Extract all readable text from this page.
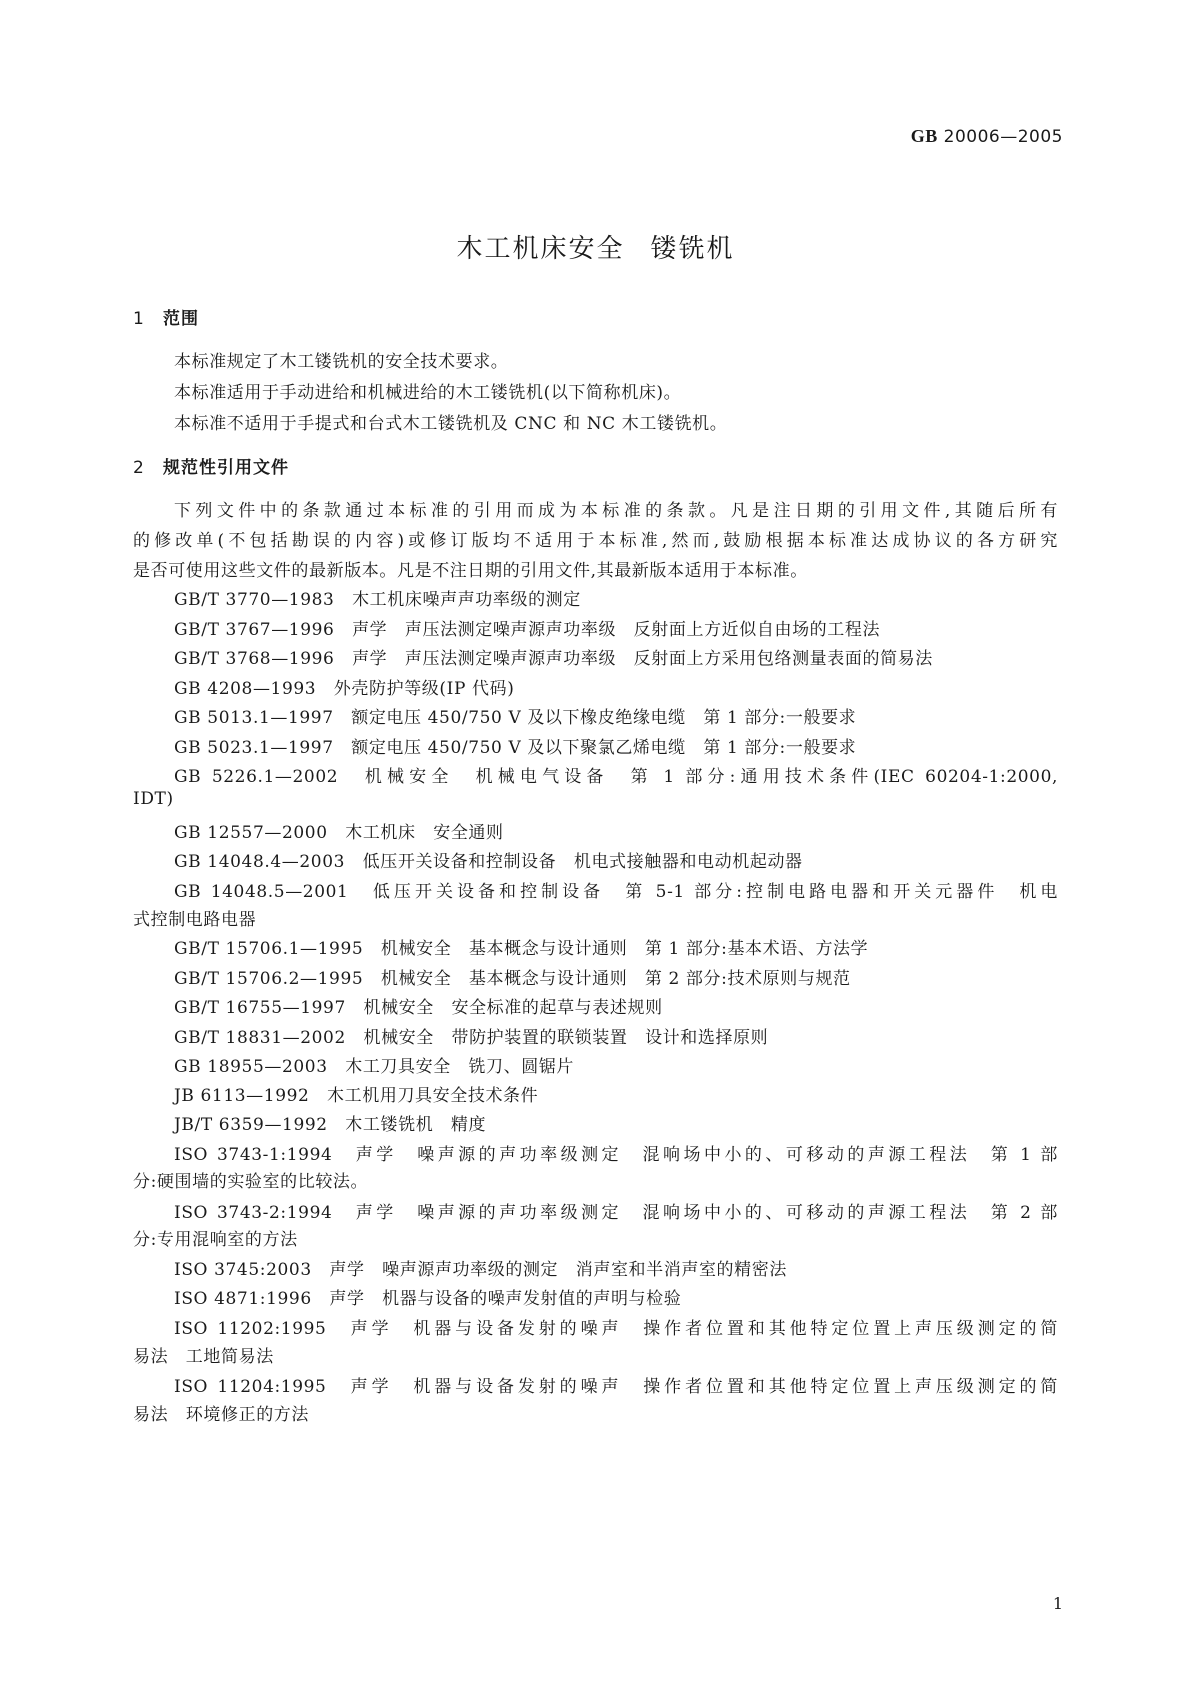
GB 20006—2005
木工机床安全 镂铣机
1 范围
本标准规定了木工镂铣机的安全技术要求。
本标准适用于手动进给和机械进给的木工镂铣机(以下简称机床)。
本标准不适用于手提式和台式木工镂铣机及 CNC 和 NC 木工镂铣机。
2 规范性引用文件
下列文件中的条款通过本标准的引用而成为本标准的条款。凡是注日期的引用文件,其随后所有
的修改单(不包括勘误的内容)或修订版均不适用于本标准,然而,鼓励根据本标准达成协议的各方研究
是否可使用这些文件的最新版本。凡是不注日期的引用文件,其最新版本适用于本标准。
GB/T 3770—1983　木工机床噪声声功率级的测定
GB/T 3767—1996　声学　声压法测定噪声源声功率级　反射面上方近似自由场的工程法
GB/T 3768—1996　声学　声压法测定噪声源声功率级　反射面上方采用包络测量表面的简易法
GB 4208—1993　外壳防护等级(IP 代码)
GB 5013.1—1997　额定电压 450/750 V 及以下橡皮绝缘电缆　第 1 部分:一般要求
GB 5023.1—1997　额定电压 450/750 V 及以下聚氯乙烯电缆　第 1 部分:一般要求
GB 5226.1—2002　机械安全　机械电气设备　第 1 部分:通用技术条件(IEC 60204-1:2000,
IDT)
GB 12557—2000　木工机床　安全通则
GB 14048.4—2003　低压开关设备和控制设备　机电式接触器和电动机起动器
GB 14048.5—2001　低压开关设备和控制设备　第 5-1 部分:控制电路电器和开关元器件　机电
式控制电路电器
GB/T 15706.1—1995　机械安全　基本概念与设计通则　第 1 部分:基本术语、方法学
GB/T 15706.2—1995　机械安全　基本概念与设计通则　第 2 部分:技术原则与规范
GB/T 16755—1997　机械安全　安全标准的起草与表述规则
GB/T 18831—2002　机械安全　带防护装置的联锁装置　设计和选择原则
GB 18955—2003　木工刀具安全　铣刀、圆锯片
JB 6113—1992　木工机用刀具安全技术条件
JB/T 6359—1992　木工镂铣机　精度
ISO 3743-1:1994　声学　噪声源的声功率级测定　混响场中小的、可移动的声源工程法　第 1 部
分:硬围墙的实验室的比较法。
ISO 3743-2:1994　声学　噪声源的声功率级测定　混响场中小的、可移动的声源工程法　第 2 部
分:专用混响室的方法
ISO 3745:2003　声学　噪声源声功率级的测定　消声室和半消声室的精密法
ISO 4871:1996　声学　机器与设备的噪声发射值的声明与检验
ISO 11202:1995　声学　机器与设备发射的噪声　操作者位置和其他特定位置上声压级测定的简
易法　工地简易法
ISO 11204:1995　声学　机器与设备发射的噪声　操作者位置和其他特定位置上声压级测定的简
易法　环境修正的方法
1
